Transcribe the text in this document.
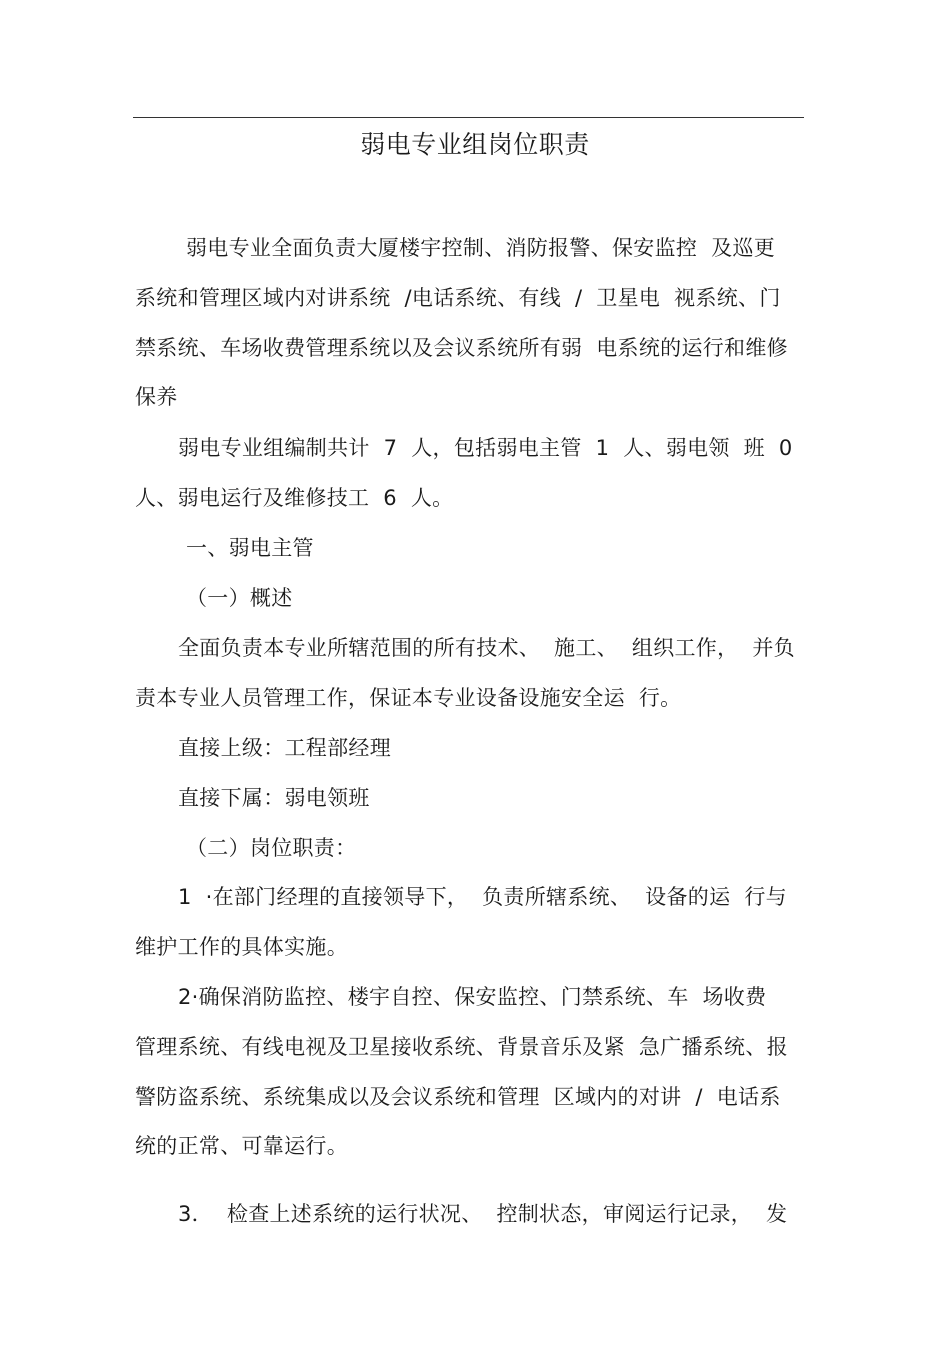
弱电专业组岗位职责

弱电专业全面负责大厦楼宇控制、消防报警、保安监控  及巡更

系统和管理区域内对讲系统  /电话系统、有线  /  卫星电  视系统、门

禁系统、车场收费管理系统以及会议系统所有弱  电系统的运行和维修

保养

弱电专业组编制共计  7  人，包括弱电主管  1  人、弱电领  班  0

人、弱电运行及维修技工  6  人。

一、弱电主管

（一）概述

全面负责本专业所辖范围的所有技术、  施工、  组织工作，  并负

责本专业人员管理工作，保证本专业设备设施安全运  行。

直接上级：工程部经理

直接下属：弱电领班

（二）岗位职责：

1  ·在部门经理的直接领导下，  负责所辖系统、  设备的运  行与

维护工作的具体实施。

2·确保消防监控、楼宇自控、保安监控、门禁系统、车  场收费

管理系统、有线电视及卫星接收系统、背景音乐及紧  急广播系统、报

警防盗系统、系统集成以及会议系统和管理  区域内的对讲  /  电话系

统的正常、可靠运行。

3．  检查上述系统的运行状况、  控制状态，审阅运行记录，  发
